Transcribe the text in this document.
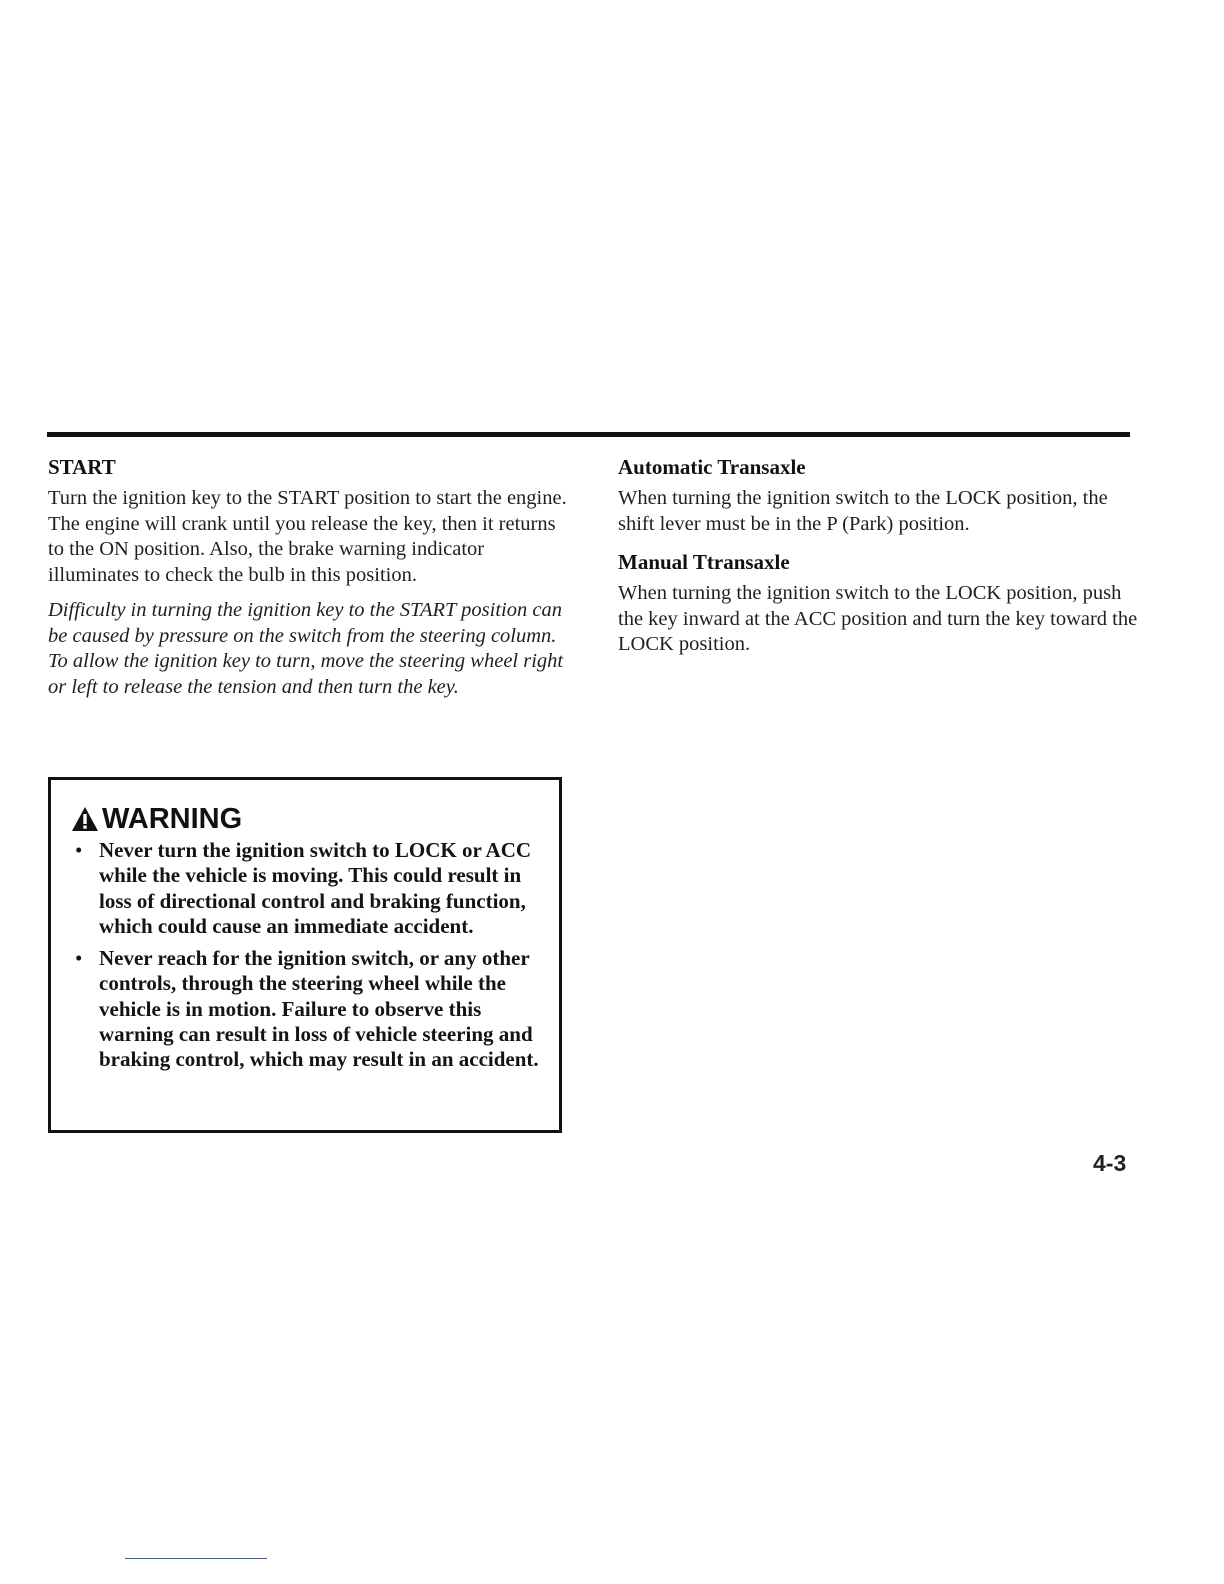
START

Turn the ignition key to the START position to start the engine. The engine will crank until you release the key, then it returns to the ON position. Also, the brake warning indicator illuminates to check the bulb in this position.

Difficulty in turning the ignition key to the START position can be caused by pressure on the switch from the steering column. To allow the ignition key to turn, move the steering wheel right or left to release the tension and then turn the key.

WARNING
• Never turn the ignition switch to LOCK or ACC while the vehicle is moving. This could result in loss of directional control and braking function, which could cause an immediate accident.
• Never reach for the ignition switch, or any other controls, through the steering wheel while the vehicle is in motion. Failure to observe this warning can result in loss of vehicle steering and braking control, which may result in an accident.
Automatic Transaxle

When turning the ignition switch to the LOCK position, the shift lever must be in the P (Park) position.

Manual Ttransaxle

When turning the ignition switch to the LOCK position, push the key inward at the ACC position and turn the key toward the LOCK position.

4-3
